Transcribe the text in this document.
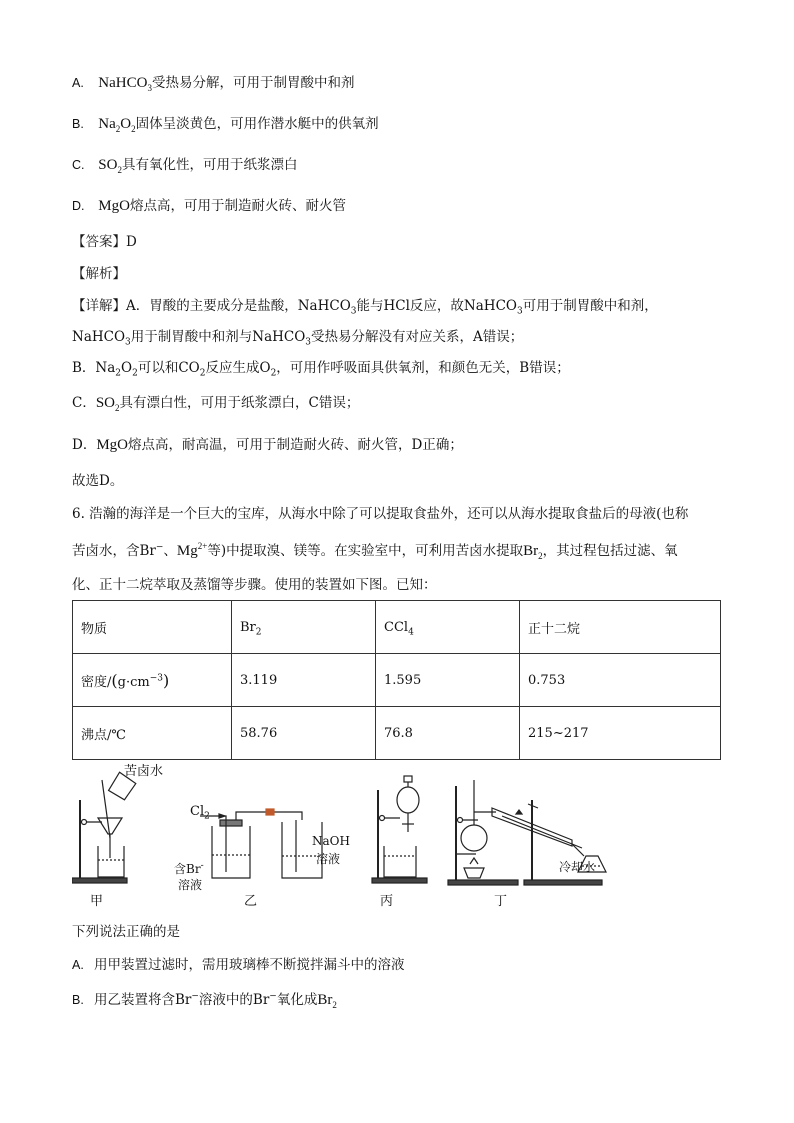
A. NaHCO$_3$受热易分解，可用于制胃酸中和剂
B. $Na_2O_2$固体呈淡黄色，可用作潜水艇中的供氧剂
C. $SO_2$具有氧化性，可用于纸浆漂白
D. MgO熔点高，可用于制造耐火砖、耐火管
【答案】D
【解析】
【详解】A．胃酸的主要成分是盐酸，NaHCO$_3$能与HCl反应，故NaHCO$_3$可用于制胃酸中和剂，
NaHCO$_3$用于制胃酸中和剂与NaHCO$_3$受热易分解没有对应关系，A错误；
B．$Na_2O_2$可以和$CO_2$反应生成$O_2$，可用作呼吸面具供氧剂，和颜色无关，B错误；
C．$SO_2$具有漂白性，可用于纸浆漂白，C错误；
D．MgO熔点高，耐高温，可用于制造耐火砖、耐火管，D正确；
故选D。
6. 浩瀚的海洋是一个巨大的宝库，从海水中除了可以提取食盐外，还可以从海水提取食盐后的母液(也称
苦卤水，含Br−、$Mg^{2+}$等)中提取溴、镁等。在实验室中，可利用苦卤水提取$Br_2$，其过程包括过滤、氧
化、正十二烷萃取及蒸馏等步骤。使用的装置如下图。已知：
物质	$Br_2$	CCl$_4$	正十二烷
密度$/(g\cdot cm^{-3})$	3.119	1.595	0.753
沸点/℃	58.76	76.8	215~217
苦卤水
$Cl_2$
含Br-
溶液
NaOH
溶液
冷却水
甲	乙	丙	丁
下列说法正确的是
A. 用甲装置过滤时，需用玻璃棒不断搅拌漏斗中的溶液
B. 用乙装置将含Br−溶液中的Br−氧化成$Br_2$
